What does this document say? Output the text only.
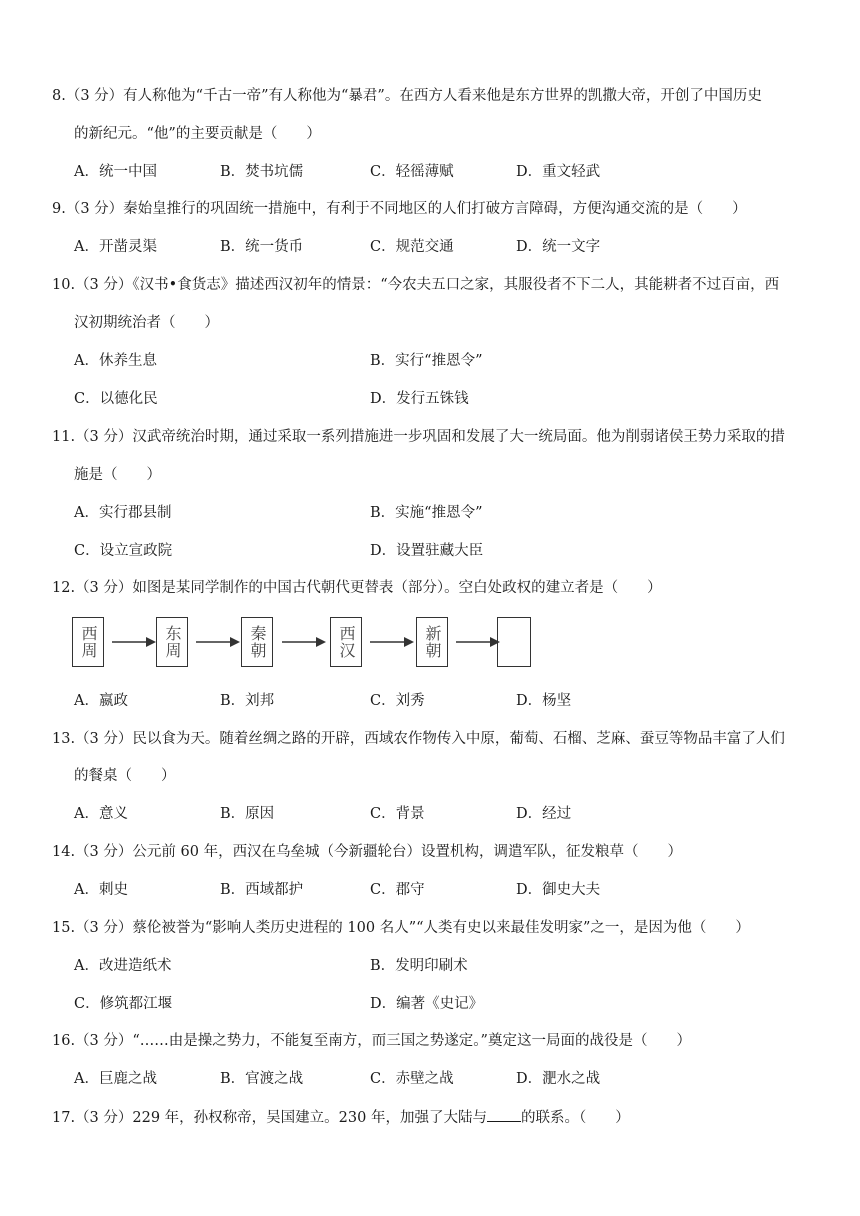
8.（3 分）有人称他为“千古一帝”有人称他为“暴君”。在西方人看来他是东方世界的凯撒大帝，开创了中国历史
的新纪元。“他”的主要贡献是（　　）
A．统一中国	B．焚书坑儒	C．轻徭薄赋	D．重文轻武
9.（3 分）秦始皇推行的巩固统一措施中，有利于不同地区的人们打破方言障碍，方便沟通交流的是（　　）
A．开凿灵渠	B．统一货币	C．规范交通	D．统一文字
10.（3 分）《汉书•食货志》描述西汉初年的情景：“今农夫五口之家，其服役者不下二人，其能耕者不过百亩，西
汉初期统治者（　　）
A．休养生息	B．实行“推恩令”
C．以德化民	D．发行五铢钱
11.（3 分）汉武帝统治时期，通过采取一系列措施进一步巩固和发展了大一统局面。他为削弱诸侯王势力采取的措
施是（　　）
A．实行郡县制	B．实施“推恩令”
C．设立宣政院	D．设置驻藏大臣
12.（3 分）如图是某同学制作的中国古代朝代更替表（部分）。空白处政权的建立者是（　　）
西周	东周	秦朝	西汉	新朝
A．嬴政	B．刘邦	C．刘秀	D．杨坚
13.（3 分）民以食为天。随着丝绸之路的开辟，西域农作物传入中原，葡萄、石榴、芝麻、蚕豆等物品丰富了人们
的餐桌（　　）
A．意义	B．原因	C．背景	D．经过
14.（3 分）公元前 60 年，西汉在乌垒城（今新疆轮台）设置机构，调遣军队，征发粮草（　　）
A．刺史	B．西域都护	C．郡守	D．御史大夫
15.（3 分）蔡伦被誉为“影响人类历史进程的 100 名人”“人类有史以来最佳发明家”之一，是因为他（　　）
A．改进造纸术	B．发明印刷术
C．修筑都江堰	D．编著《史记》
16.（3 分）“……由是操之势力，不能复至南方，而三国之势遂定。”奠定这一局面的战役是（　　）
A．巨鹿之战	B．官渡之战	C．赤壁之战	D．淝水之战
17.（3 分）229 年，孙权称帝，吴国建立。230 年，加强了大陆与 的联系。（　　）
